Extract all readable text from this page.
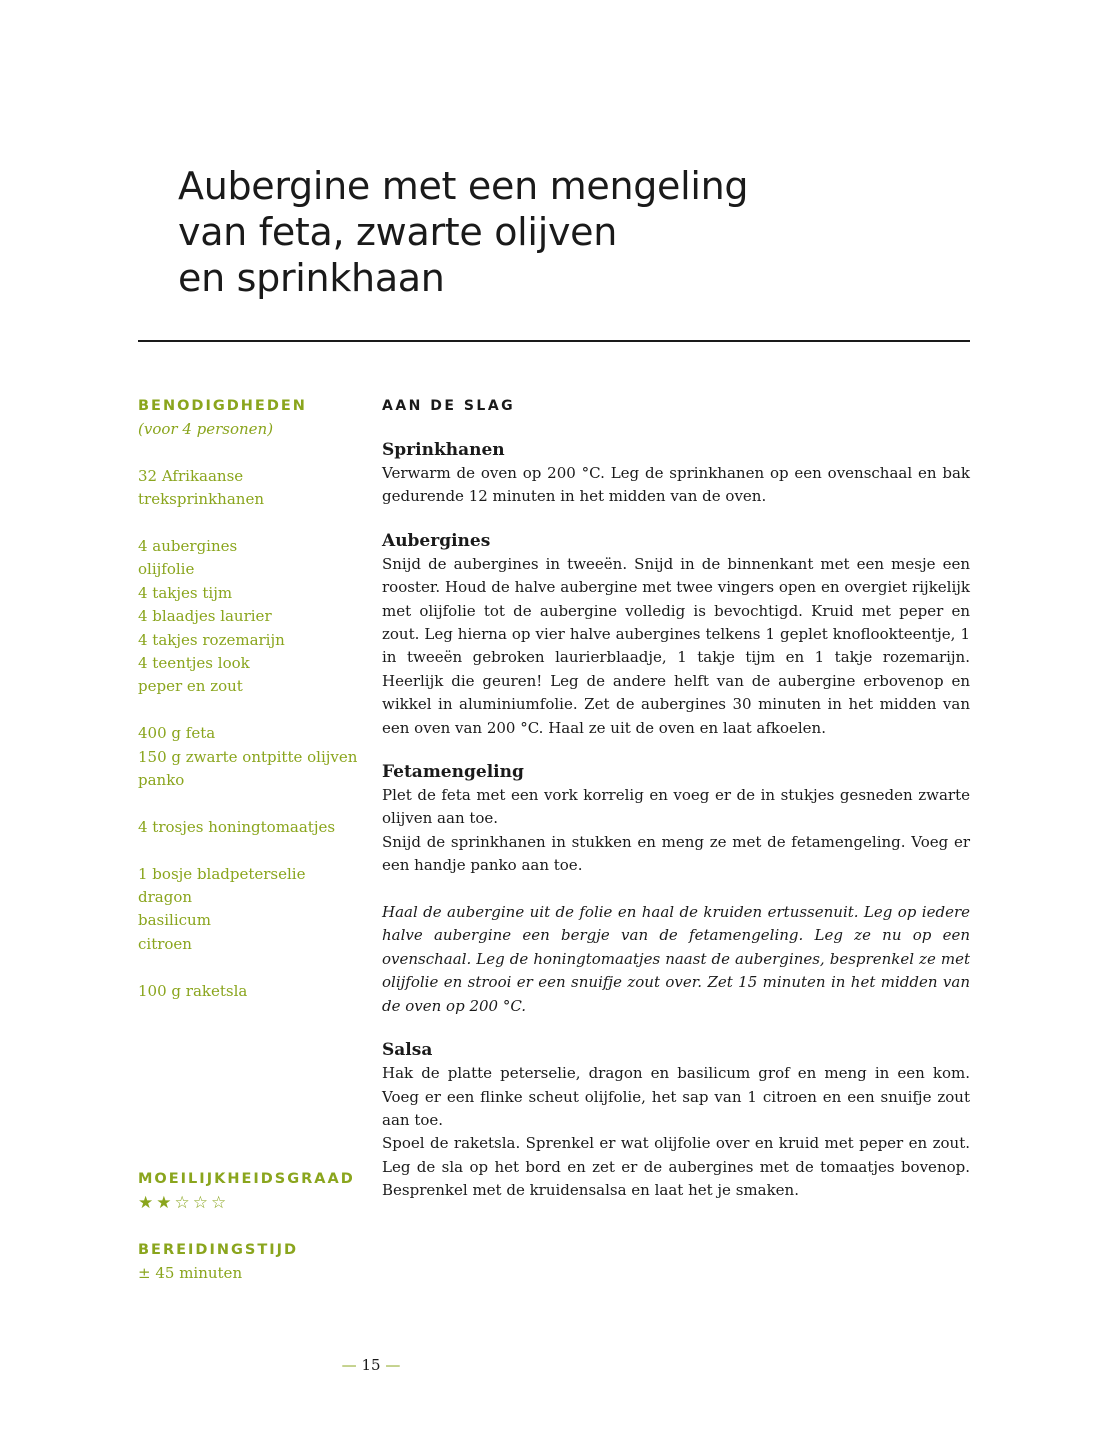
Aubergine met een mengeling
van feta, zwarte olijven
en sprinkhaan
BENODIGDHEDEN
(voor 4 personen)
32 Afrikaanse
treksprinkhanen
4 aubergines
olijfolie
4 takjes tijm
4 blaadjes laurier
4 takjes rozemarijn
4 teentjes look
peper en zout
400 g feta
150 g zwarte ontpitte olijven
panko
4 trosjes honingtomaatjes
1 bosje bladpeterselie
dragon
basilicum
citroen
100 g raketsla
MOEILIJKHEIDSGRAAD
★★☆☆☆
BEREIDINGSTIJD
± 45 minuten
AAN DE SLAG
Sprinkhanen

Verwarm de oven op 200 °C. Leg de sprinkhanen op een ovenschaal en bak gedurende 12 minuten in het midden van de oven.

Aubergines

Snijd de aubergines in tweeën. Snijd in de binnenkant met een mesje een rooster. Houd de halve aubergine met twee vingers open en overgiet rijkelijk met olijfolie tot de aubergine volledig is bevochtigd. Kruid met peper en zout. Leg hierna op vier halve aubergines telkens 1 geplet knoflookteentje, 1 in tweeën gebroken laurierblaadje, 1 takje tijm en 1 takje rozemarijn. Heerlijk die geuren! Leg de andere helft van de aubergine erbovenop en wikkel in aluminiumfolie. Zet de aubergines 30 minuten in het midden van een oven van 200 °C. Haal ze uit de oven en laat afkoelen.

Fetamengeling

Plet de feta met een vork korrelig en voeg er de in stukjes gesneden zwarte olijven aan toe.

Snijd de sprinkhanen in stukken en meng ze met de fetamengeling. Voeg er een handje panko aan toe.

Haal de aubergine uit de folie en haal de kruiden ertussenuit. Leg op iedere halve aubergine een bergje van de fetamengeling. Leg ze nu op een ovenschaal. Leg de honingtomaatjes naast de aubergines, besprenkel ze met olijfolie en strooi er een snuifje zout over. Zet 15 minuten in het midden van de oven op 200 °C.

Salsa

Hak de platte peterselie, dragon en basilicum grof en meng in een kom. Voeg er een flinke scheut olijfolie, het sap van 1 citroen en een snuifje zout aan toe.

Spoel de raketsla. Sprenkel er wat olijfolie over en kruid met peper en zout. Leg de sla op het bord en zet er de aubergines met de tomaatjes bovenop. Besprenkel met de kruidensalsa en laat het je smaken.

— 15 —
